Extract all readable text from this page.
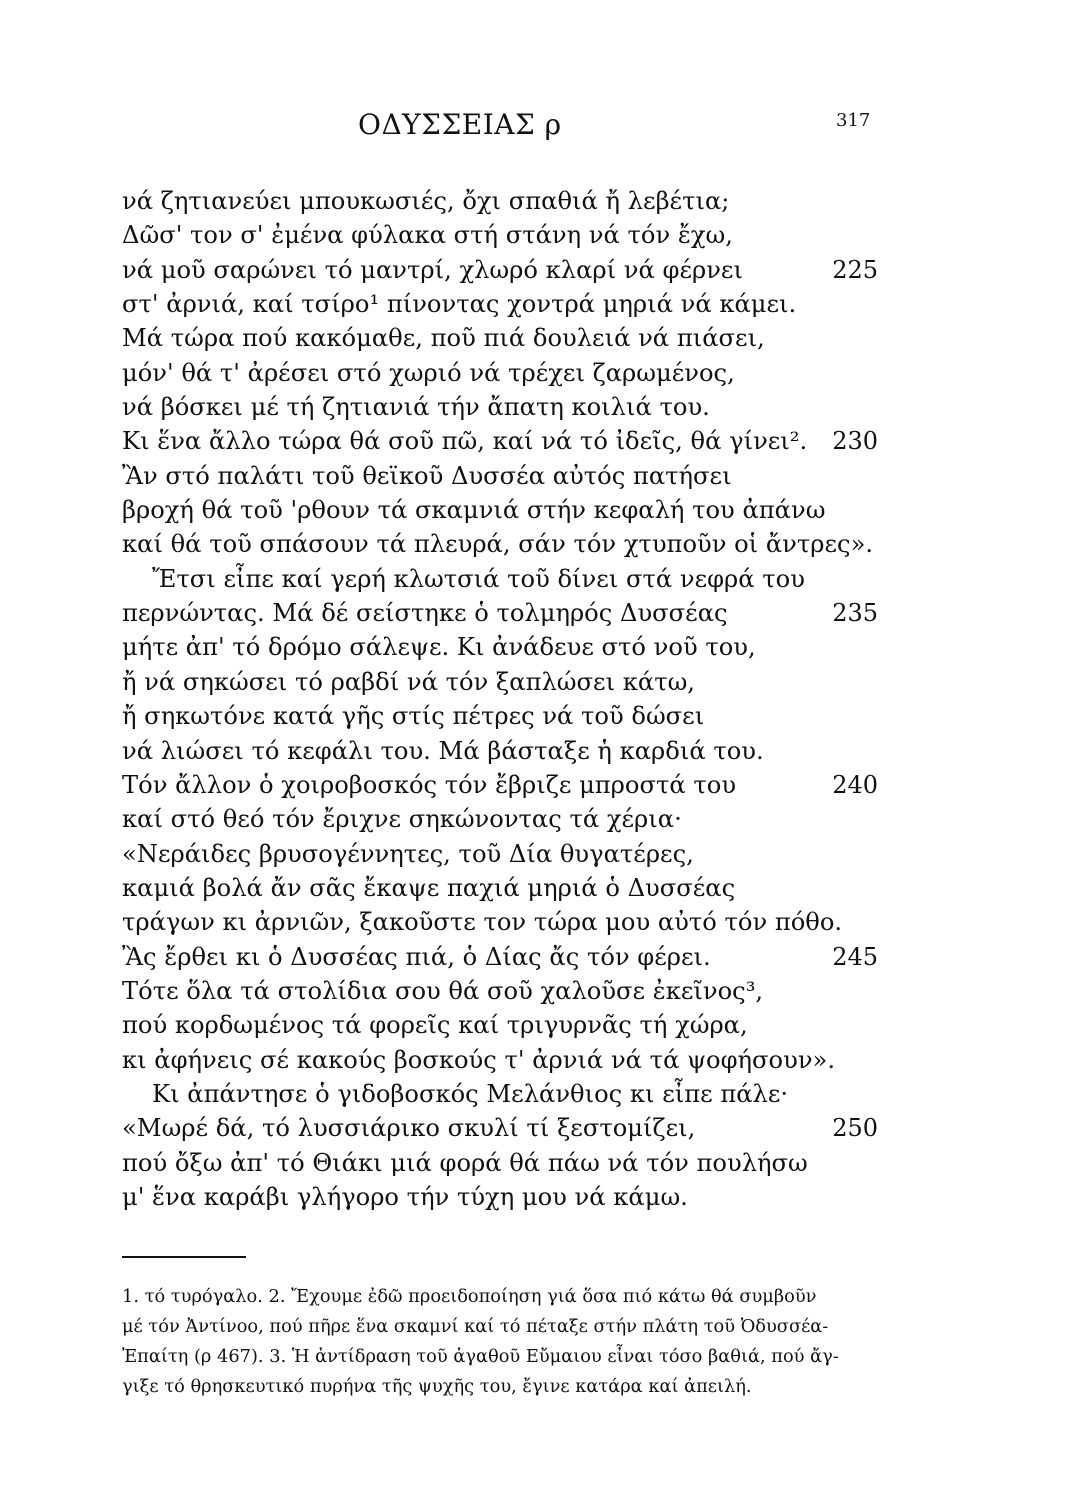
ΟΔΥΣΣΕΙΑΣ ρ	317
νά ζητιανεύει μπουκωσιές, ὄχι σπαθιά ἤ λεβέτια;
Δῶσ' τον σ' ἐμένα φύλακα στή στάνη νά τόν ἔχω,
νά μοῦ σαρώνει τό μαντρί, χλωρό κλαρί νά φέρνει	225
στ' ἀρνιά, καί τσίρο¹ πίνοντας χοντρά μηριά νά κάμει.
Μά τώρα πού κακόμαθε, ποῦ πιά δουλειά νά πιάσει,
μόν' θά τ' ἀρέσει στό χωριό νά τρέχει ζαρωμένος,
νά βόσκει μέ τή ζητιανιά τήν ἄπατη κοιλιά του.
Κι ἕνα ἄλλο τώρα θά σοῦ πῶ, καί νά τό ἰδεῖς, θά γίνει². 230
Ἂν στό παλάτι τοῦ θεϊκοῦ Δυσσέα αὐτός πατήσει
βροχή θά τοῦ 'ρθουν τά σκαμνιά στήν κεφαλή του ἀπάνω
καί θά τοῦ σπάσουν τά πλευρά, σάν τόν χτυποῦν οἱ ἄντρες».
Ἔτσι εἶπε καί γερή κλωτσιά τοῦ δίνει στά νεφρά του
περνώντας. Μά δέ σείστηκε ὁ τολμηρός Δυσσέας	235
μήτε ἀπ' τό δρόμο σάλεψε. Κι ἀνάδευε στό νοῦ του,
ἤ νά σηκώσει τό ραβδί νά τόν ξαπλώσει κάτω,
ἤ σηκωτόνε κατά γῆς στίς πέτρες νά τοῦ δώσει
νά λιώσει τό κεφάλι του. Μά βάσταξε ἡ καρδιά του.
Τόν ἄλλον ὁ χοιροβοσκός τόν ἔβριζε μπροστά του	240
καί στό θεό τόν ἔριχνε σηκώνοντας τά χέρια·
«Νεράιδες βρυσογέννητες, τοῦ Δία θυγατέρες,
καμιά βολά ἄν σᾶς ἔκαψε παχιά μηριά ὁ Δυσσέας
τράγων κι ἀρνιῶν, ξακοῦστε τον τώρα μου αὐτό τόν πόθο.
Ἂς ἔρθει κι ὁ Δυσσέας πιά, ὁ Δίας ἄς τόν φέρει.	245
Τότε ὅλα τά στολίδια σου θά σοῦ χαλοῦσε ἐκεῖνος³,
πού κορδωμένος τά φορεῖς καί τριγυρνᾶς τή χώρα,
κι ἀφήνεις σέ κακούς βοσκούς τ' ἀρνιά νά τά ψοφήσουν».
Κι ἀπάντησε ὁ γιδοβοσκός Μελάνθιος κι εἶπε πάλε·
«Μωρέ δά, τό λυσσιάρικο σκυλί τί ξεστομίζει,	250
πού ὄξω ἀπ' τό Θιάκι μιά φορά θά πάω νά τόν πουλήσω
μ' ἕνα καράβι γλήγορο τήν τύχη μου νά κάμω.
1. τό τυρόγαλο. 2. Ἔχουμε ἐδῶ προειδοποίηση γιά ὅσα πιό κάτω θά συμβοῦν
μέ τόν Ἀντίνοο, πού πῆρε ἕνα σκαμνί καί τό πέταξε στήν πλάτη τοῦ Ὀδυσσέα-
Ἐπαίτη (ρ 467). 3. Ἡ ἀντίδραση τοῦ ἀγαθοῦ Εὔμαιου εἶναι τόσο βαθιά, πού ἄγ-
γιξε τό θρησκευτικό πυρήνα τῆς ψυχῆς του, ἔγινε κατάρα καί ἀπειλή.
